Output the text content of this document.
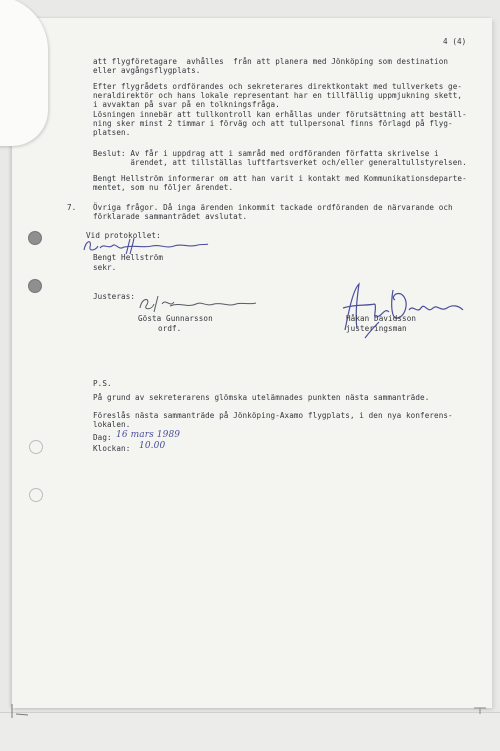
4 (4)
att flygföretagare  avhålles  från att planera med Jönköping som destination
eller avgångsflygplats.
Efter flygrådets ordförandes och sekreterares direktkontakt med tullverkets ge-
neraldirektör och hans lokale representant har en tillfällig uppmjukning skett,
i avvaktan på svar på en tolkningsfråga.
Lösningen innebär att tullkontroll kan erhållas under förutsättning att beställ-
ning sker minst 2 timmar i förväg och att tullpersonal finns förlagd på flyg-
platsen.
Beslut: Av får i uppdrag att i samråd med ordföranden författa skrivelse i
ärendet, att tillställas luftfartsverket och/eller generaltullstyrelsen.
Bengt Hellström informerar om att han varit i kontakt med Kommunikationsdeparte-
mentet, som nu följer ärendet.
7. Övriga frågor. Då inga ärenden inkommit tackade ordföranden de närvarande och
förklarade sammanträdet avslutat.
Vid protokollet:
Bengt Hellström
sekr.
Justeras:
Gösta Gunnarsson
ordf.
Håkan Davidsson
justeringsman
P.S.
På grund av sekreterarens glömska utelämnades punkten nästa sammanträde.
Föreslås nästa sammanträde på Jönköping-Axamo flygplats, i den nya konferens-
lokalen.
Dag: 16 mars 1989
Klockan: 10.00
